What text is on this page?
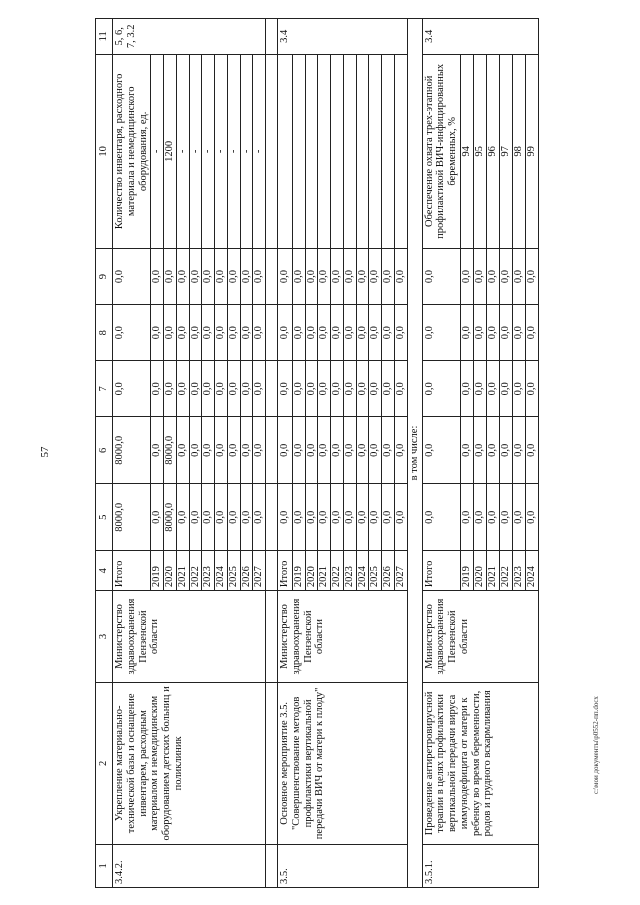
57
c:\мои документы\р0552-пп.docx
1	2	3	4	5	6	7	8	9	10	11
3.4.2.	Укрепление материально-технической базы и оснащение инвентарем, расходным материалом и немедицинским оборудованием детских больниц и поликлиник	Министерство здравоохранения Пензенской области	Итого	8000,0	8000,0	0,0	0,0	0,0	Количество инвентаря, расходного материала и немедицинского оборудования, ед.	5, 6, 7, 3.2
			2019	0,0	0,0	0,0	0,0	0,0	-	
			2020	8000,0	8000,0	0,0	0,0	0,0	1200	
			2021	0,0	0,0	0,0	0,0	0,0	-	
			2022	0,0	0,0	0,0	0,0	0,0	-	
			2023	0,0	0,0	0,0	0,0	0,0	-	
			2024	0,0	0,0	0,0	0,0	0,0	-	
			2025	0,0	0,0	0,0	0,0	0,0	-	
			2026	0,0	0,0	0,0	0,0	0,0	-	
			2027	0,0	0,0	0,0	0,0	0,0	-	

3.5.	Основное мероприятие 3.5. "Совершенствование методов профилактики вертикальной передачи ВИЧ от матери к плоду"	Министерство здравоохранения Пензенской области	Итого	0,0	0,0	0,0	0,0	0,0		3.4
			2019	0,0	0,0	0,0	0,0	0,0		
			2020	0,0	0,0	0,0	0,0	0,0		
			2021	0,0	0,0	0,0	0,0	0,0		
			2022	0,0	0,0	0,0	0,0	0,0		
			2023	0,0	0,0	0,0	0,0	0,0		
			2024	0,0	0,0	0,0	0,0	0,0		
			2025	0,0	0,0	0,0	0,0	0,0		
			2026	0,0	0,0	0,0	0,0	0,0		
			2027	0,0	0,0	0,0	0,0	0,0		
в том числе:										
3.5.1.	Проведение антиретровирусной терапии в целях профилактики вертикальной передачи вируса иммунодефицита от матери к ребенку во время беременности, родов и грудного вскармливания	Министерство здравоохранения Пензенской области	Итого	0,0	0,0	0,0	0,0	0,0	Обеспечение охвата трех-этапной профилактикой ВИЧ-инфицированных беременных, %	3.4
			2019	0,0	0,0	0,0	0,0	0,0	94	
			2020	0,0	0,0	0,0	0,0	0,0	95	
			2021	0,0	0,0	0,0	0,0	0,0	96	
			2022	0,0	0,0	0,0	0,0	0,0	97	
			2023	0,0	0,0	0,0	0,0	0,0	98	
			2024	0,0	0,0	0,0	0,0	0,0	99	
